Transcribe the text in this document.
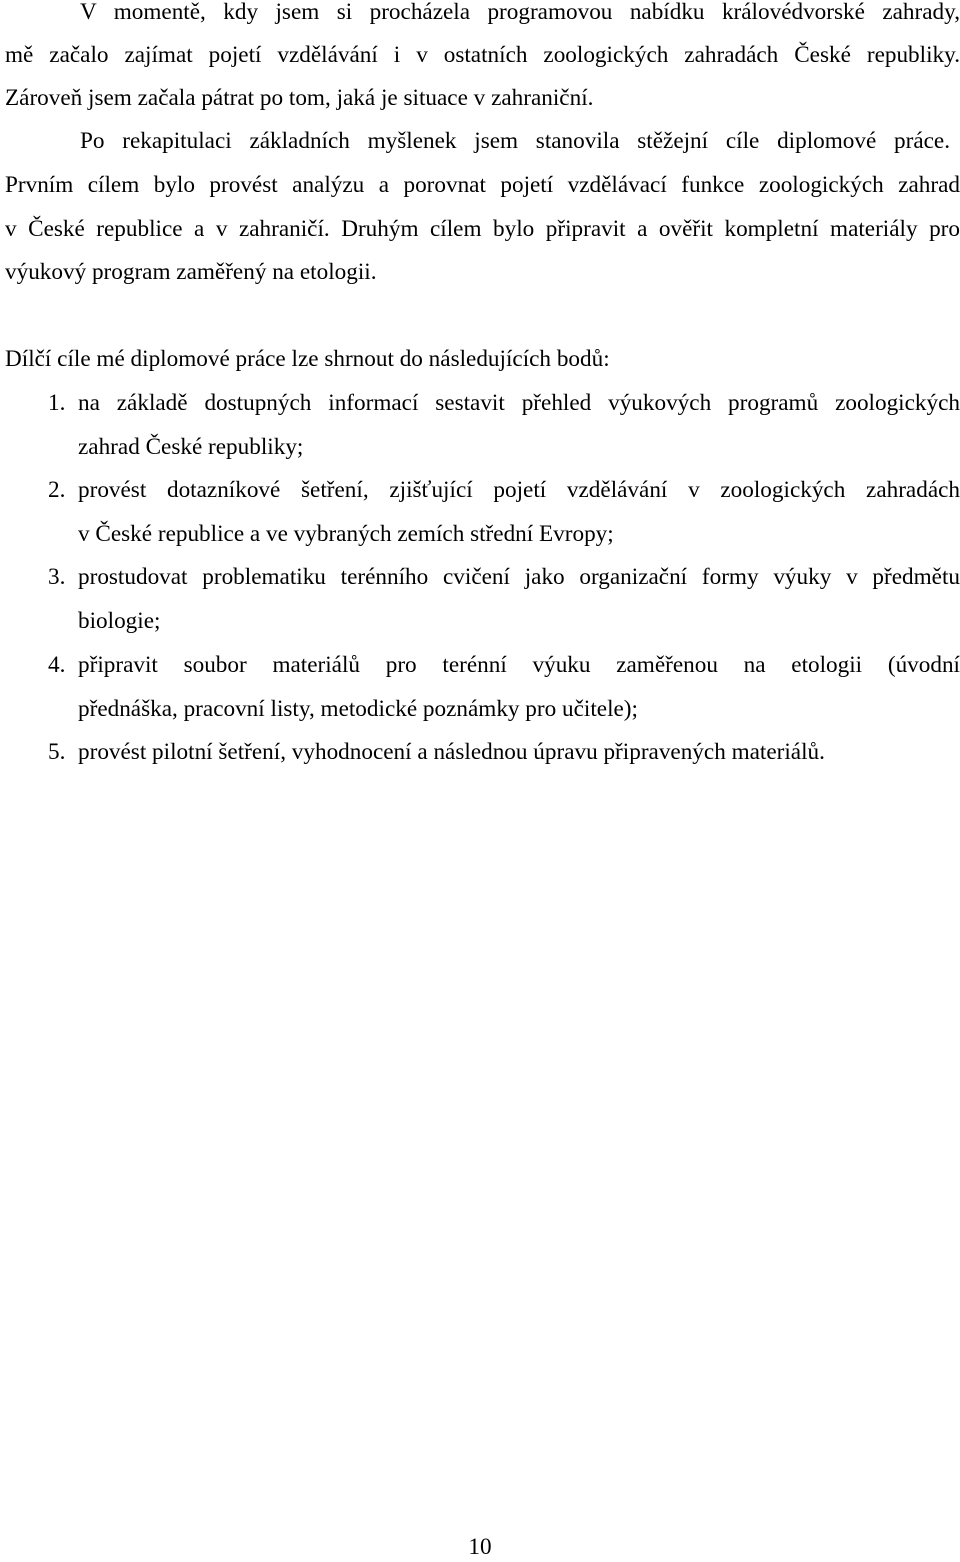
V momentě, kdy jsem si procházela programovou nabídku královédvorské zahrady,
mě začalo zajímat pojetí vzdělávání i v ostatních zoologických zahradách České republiky.
Zároveň jsem začala pátrat po tom, jaká je situace v zahraniční.
Po rekapitulaci základních myšlenek jsem stanovila stěžejní cíle diplomové práce.
Prvním cílem bylo provést analýzu a porovnat pojetí vzdělávací funkce zoologických zahrad
v České republice a v zahraničí. Druhým cílem bylo připravit a ověřit kompletní materiály pro
výukový program zaměřený na etologii.
Dílčí cíle mé diplomové práce lze shrnout do následujících bodů:
1. na základě dostupných informací sestavit přehled výukových programů zoologických
zahrad České republiky;
2. provést dotazníkové šetření, zjišťující pojetí vzdělávání v zoologických zahradách
v České republice a ve vybraných zemích střední Evropy;
3. prostudovat problematiku terénního cvičení jako organizační formy výuky v předmětu
biologie;
4. připravit soubor materiálů pro terénní výuku zaměřenou na etologii (úvodní
přednáška, pracovní listy, metodické poznámky pro učitele);
5. provést pilotní šetření, vyhodnocení a následnou úpravu připravených materiálů.
10
